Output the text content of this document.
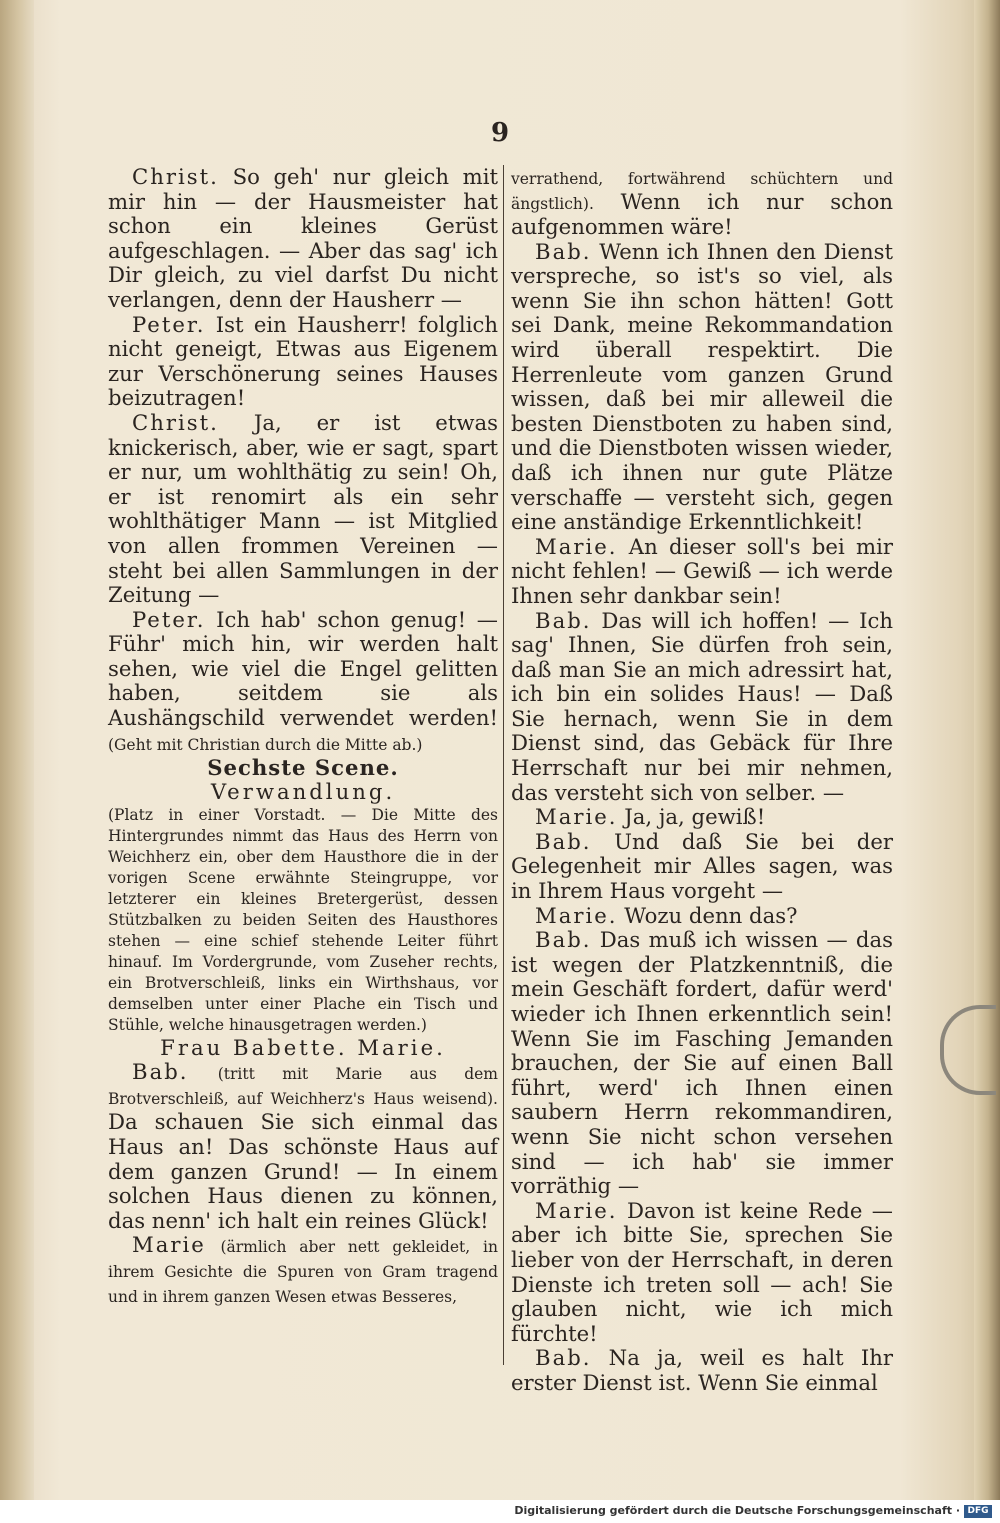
9

Christ. So geh' nur gleich mit mir hin — der Hausmeister hat schon ein kleines Gerüst aufgeschlagen. — Aber das sag' ich Dir gleich, zu viel darfst Du nicht verlangen, denn der Hausherr —

Peter. Ist ein Hausherr! folglich nicht geneigt, Etwas aus Eigenem zur Verschönerung seines Hauses beizutragen!

Christ. Ja, er ist etwas knickerisch, aber, wie er sagt, spart er nur, um wohlthätig zu sein! Oh, er ist renomirt als ein sehr wohlthätiger Mann — ist Mitglied von allen frommen Vereinen — steht bei allen Sammlungen in der Zeitung —

Peter. Ich hab' schon genug! — Führ' mich hin, wir werden halt sehen, wie viel die Engel gelitten haben, seitdem sie als Aushängschild verwendet werden! (Geht mit Christian durch die Mitte ab.)

Sechste Scene.

Verwandlung.

(Platz in einer Vorstadt. — Die Mitte des Hintergrundes nimmt das Haus des Herrn von Weichherz ein, ober dem Hausthore die in der vorigen Scene erwähnte Steingruppe, vor letzterer ein kleines Bretergerüst, dessen Stützbalken zu beiden Seiten des Hausthores stehen — eine schief stehende Leiter führt hinauf. Im Vordergrunde, vom Zuseher rechts, ein Brotverschleiß, links ein Wirthshaus, vor demselben unter einer Plache ein Tisch und Stühle, welche hinausgetragen werden.)

Frau Babette. Marie.

Bab. (tritt mit Marie aus dem Brotverschleiß, auf Weichherz's Haus weisend). Da schauen Sie sich einmal das Haus an! Das schönste Haus auf dem ganzen Grund! — In einem solchen Haus dienen zu können, das nenn' ich halt ein reines Glück!

Marie (ärmlich aber nett gekleidet, in ihrem Gesichte die Spuren von Gram tragend und in ihrem ganzen Wesen etwas Besseres,

verrathend, fortwährend schüchtern und ängstlich). Wenn ich nur schon aufgenommen wäre!

Bab. Wenn ich Ihnen den Dienst verspreche, so ist's so viel, als wenn Sie ihn schon hätten! Gott sei Dank, meine Rekommandation wird überall respektirt. Die Herrenleute vom ganzen Grund wissen, daß bei mir alleweil die besten Dienstboten zu haben sind, und die Dienstboten wissen wieder, daß ich ihnen nur gute Plätze verschaffe — versteht sich, gegen eine anständige Erkenntlichkeit!

Marie. An dieser soll's bei mir nicht fehlen! — Gewiß — ich werde Ihnen sehr dankbar sein!

Bab. Das will ich hoffen! — Ich sag' Ihnen, Sie dürfen froh sein, daß man Sie an mich adressirt hat, ich bin ein solides Haus! — Daß Sie hernach, wenn Sie in dem Dienst sind, das Gebäck für Ihre Herrschaft nur bei mir nehmen, das versteht sich von selber. —

Marie. Ja, ja, gewiß!

Bab. Und daß Sie bei der Gelegenheit mir Alles sagen, was in Ihrem Haus vorgeht —

Marie. Wozu denn das?

Bab. Das muß ich wissen — das ist wegen der Platzkenntniß, die mein Geschäft fordert, dafür werd' wieder ich Ihnen erkenntlich sein! Wenn Sie im Fasching Jemanden brauchen, der Sie auf einen Ball führt, werd' ich Ihnen einen saubern Herrn rekommandiren, wenn Sie nicht schon versehen sind — ich hab' sie immer vorräthig —

Marie. Davon ist keine Rede — aber ich bitte Sie, sprechen Sie lieber von der Herrschaft, in deren Dienste ich treten soll — ach! Sie glauben nicht, wie ich mich fürchte!

Bab. Na ja, weil es halt Ihr erster Dienst ist. Wenn Sie einmal

Digitalisierung gefördert durch die Deutsche Forschungsgemeinschaft · DFG
